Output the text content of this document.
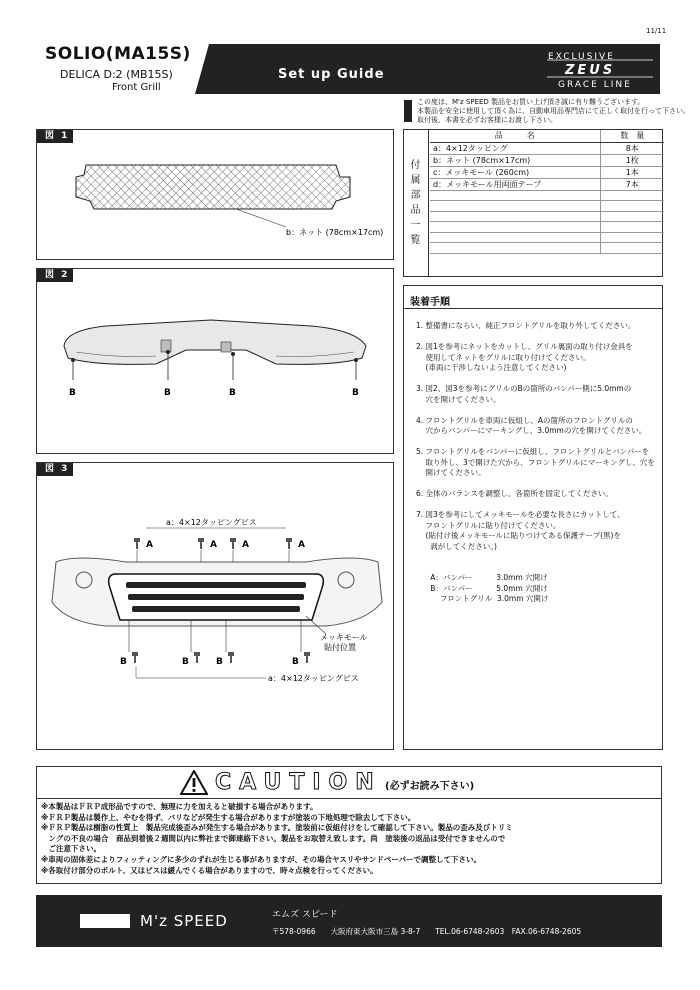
11/11
SOLIO(MA15S)
DELICA D:2 (MB15S)
Front Grill
Set up Guide
EXCLUSIVE
ZEUS
GRACE LINE
この度は、M'z SPEED 製品をお買い上げ頂き誠に有り難うございます。
本製品を安全に使用して頂く為に、自動車用品専門店にて正しく取付を行って下さい。
取付後、本書を必ずお客様にお渡し下さい。
図 1
b：ネット (78cm×17cm)
図 2
B	B	B	B
図 3
a：4×12タッピングビス
A	A	A	A
メッキモール
貼付位置
B	B	B	B
a：4×12タッピングビス
品　　　名	数　量
a：4×12タッピング	8本
b：ネット (78cm×17cm)	1枚
c：メッキモール (260cm)	1本
d：メッキモール用両面テープ	7本

付
属
部
品
一
覧
装着手順
1. 整備書にならい、純正フロントグリルを取り外してください。

2. 図1を参考にネットをカットし、グリル裏面の取り付け金具を
使用してネットをグリルに取り付けてください。
(車両に干渉しないよう注意してください)

3. 図2、図3を参考にグリルのBの箇所のバンパー側に5.0mmの
穴を開けてください。

4. フロントグリルを車両に仮組し、Aの箇所のフロントグリルの
穴からバンパーにマーキングし、3.0mmの穴を開けてください。

5. フロントグリルをバンパーに仮組し、フロントグリルとバンパーを
取り外し、3で開けた穴から、フロントグリルにマーキングし、穴を
開けてください。

6. 全体のバランスを調整し、各箇所を固定してください。

7. 図3を参考にしてメッキモールを必要な長さにカットして、
フロントグリルに貼り付けてください。
(貼付け後メッキモールに貼りつけてある保護テープ(黒)を
剥がしてください。)

A：バンパー          3.0mm 穴開け
B：バンパー          5.0mm 穴開け
フロントグリル  3.0mm 穴開け
CAUTION (必ずお読み下さい)
※本製品はＦＲＰ成形品ですので、無理に力を加えると破損する場合があります。
※ＦＲＰ製品は製作上、やむを得ず、バリなどが発生する場合がありますが塗装の下地処理で除去して下さい。
※ＦＲＰ製品は樹脂の性質上　製品完成後歪みが発生する場合があります。塗装前に仮組付けをして確認して下さい。製品の歪み及びトリミ
　ングの不良の場合　商品到着後２週間以内に弊社まで御連絡下さい。製品をお取替え致します。尚　塗装後の返品は受付できませんので
　ご注意下さい。
※車両の固体差によりフィッティングに多少のずれが生じる事がありますが、その場合ヤスリやサンドペーパーで調整して下さい。
※各取付け部分のボルト、又はビスは緩んでくる場合がありますので、時々点検を行ってください。
M'z SPEED	エムズ スピード
〒578-0966　　大阪府東大阪市三島 3-8-7　　TEL.06-6748-2603　FAX.06-6748-2605
